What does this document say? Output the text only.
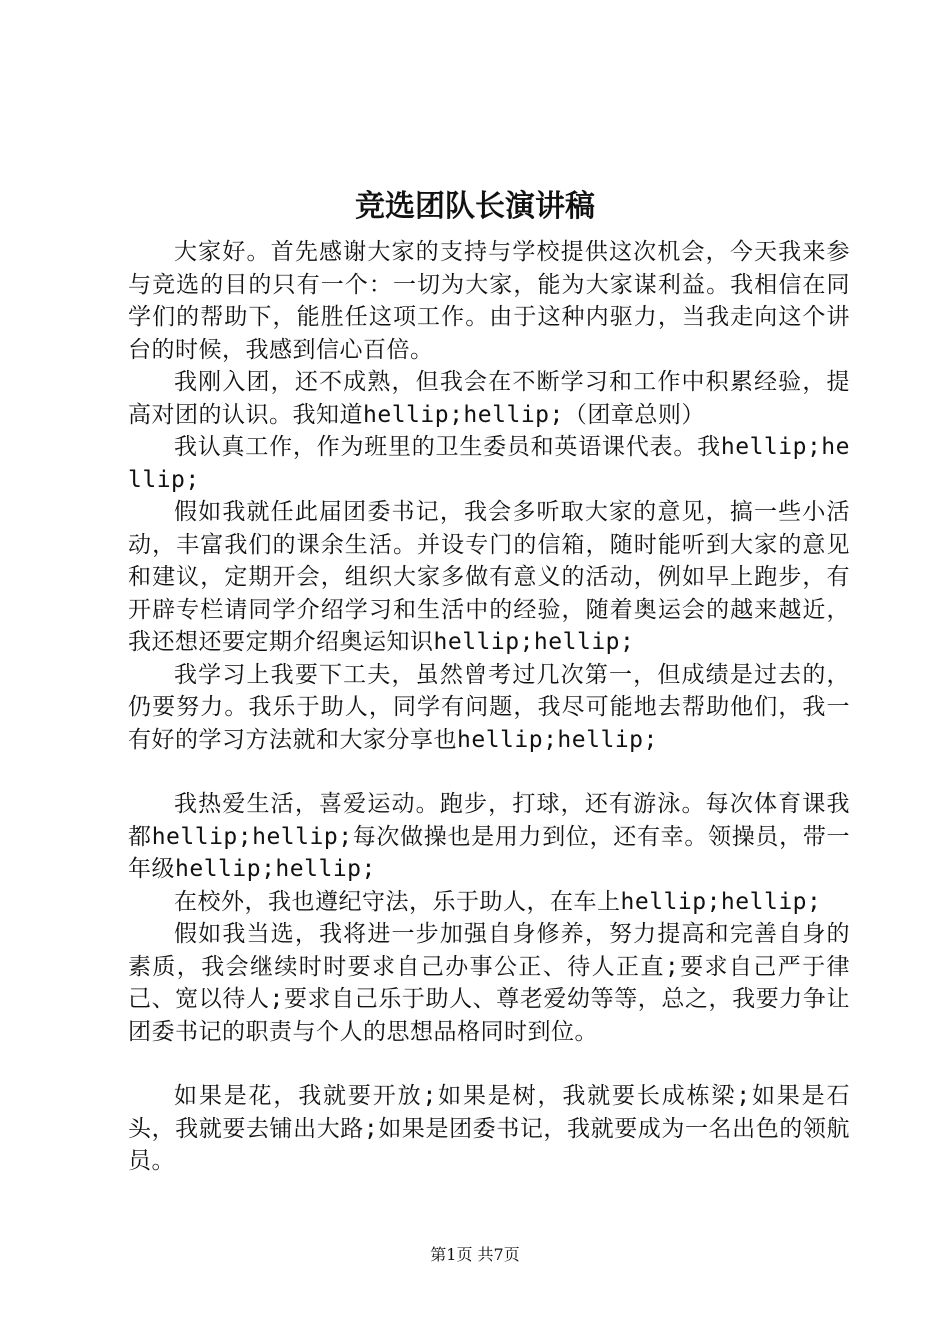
竞选团队长演讲稿

大家好。首先感谢大家的支持与学校提供这次机会，今天我来参与竞选的目的只有一个：一切为大家，能为大家谋利益。我相信在同学们的帮助下，能胜任这项工作。由于这种内驱力，当我走向这个讲台的时候，我感到信心百倍。

我刚入团，还不成熟，但我会在不断学习和工作中积累经验，提高对团的认识。我知道hellip;hellip;（团章总则）

我认真工作，作为班里的卫生委员和英语课代表。我hellip;hellip;

假如我就任此届团委书记，我会多听取大家的意见，搞一些小活动，丰富我们的课余生活。并设专门的信箱，随时能听到大家的意见和建议，定期开会，组织大家多做有意义的活动，例如早上跑步，有开辟专栏请同学介绍学习和生活中的经验，随着奥运会的越来越近，我还想还要定期介绍奥运知识hellip;hellip;

我学习上我要下工夫，虽然曾考过几次第一，但成绩是过去的，仍要努力。我乐于助人，同学有问题，我尽可能地去帮助他们，我一有好的学习方法就和大家分享也hellip;hellip;

我热爱生活，喜爱运动。跑步，打球，还有游泳。每次体育课我都hellip;hellip;每次做操也是用力到位，还有幸。领操员，带一年级hellip;hellip;

在校外，我也遵纪守法，乐于助人，在车上hellip;hellip;

假如我当选，我将进一步加强自身修养，努力提高和完善自身的素质，我会继续时时要求自己办事公正、待人正直;要求自己严于律己、宽以待人;要求自己乐于助人、尊老爱幼等等，总之，我要力争让团委书记的职责与个人的思想品格同时到位。

如果是花，我就要开放;如果是树，我就要长成栋梁;如果是石头，我就要去铺出大路;如果是团委书记，我就要成为一名出色的领航员。

第1页 共7页
